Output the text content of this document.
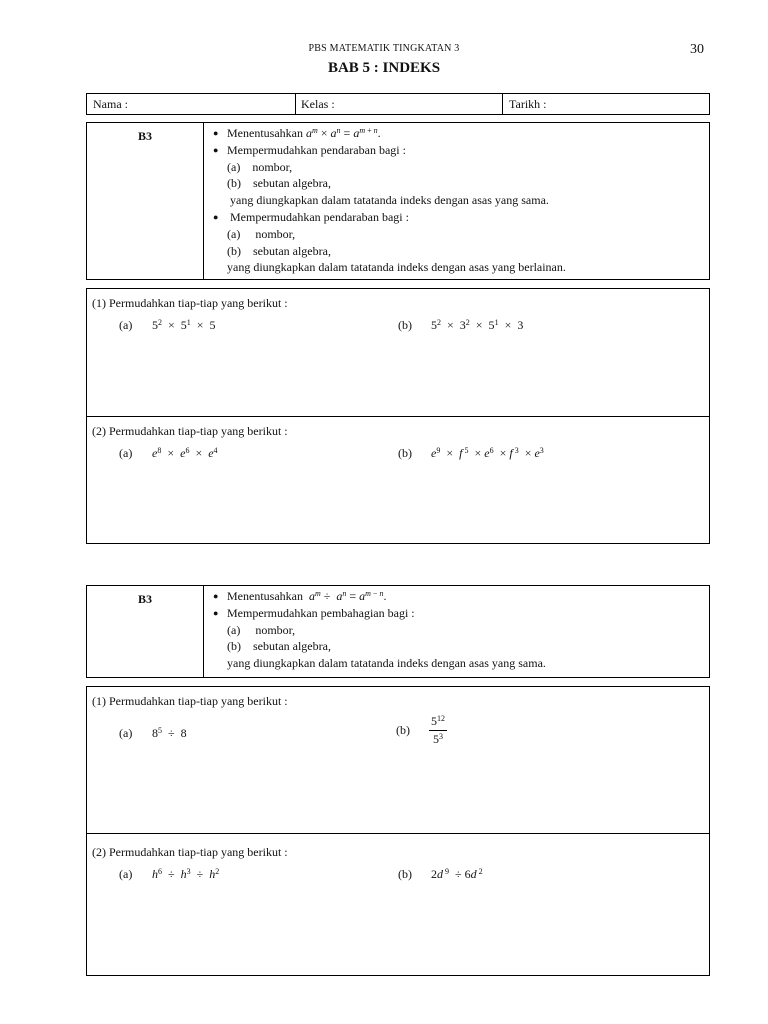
PBS MATEMATIK TINGKATAN 3	30
BAB 5 : INDEKS
Nama :	Kelas :	Tarikh :
B3	● Menentusahkan $a^m \times a^n = a^{m + n}$.
● Mempermudahkan pendaraban bagi :
(a)    nombor,
(b)    sebutan algebra,
yang diungkapkan dalam tatatanda indeks dengan asas yang sama.
● Mempermudahkan pendaraban bagi :
(a)     nombor,
(b)    sebutan algebra,
yang diungkapkan dalam tatatanda indeks dengan asas yang berlainan.
(1) Permudahkan tiap-tiap yang berikut :
(a) $5^2 \times 5^1 \times 5$	(b) $5^2 \times 3^2 \times 5^1 \times 3$
(2) Permudahkan tiap-tiap yang berikut :
(a) $e^8 \times e^6 \times e^4$	(b) $e^9 \times f$ $^5 \times e^6 \times f$ $^3 \times e^3$
B3	● Menentusahkan  $a^m \div a^n = a^{m - n}$.
● Mempermudahkan pembahagian bagi :
(a)     nombor,
(b)    sebutan algebra,
yang diungkapkan dalam tatatanda indeks dengan asas yang sama.
(1) Permudahkan tiap-tiap yang berikut :
(a) $8^5 \div 8$	$(b) \frac{5^{12}}{5^3}$
(2) Permudahkan tiap-tiap yang berikut :
(a) $h^6 \div h^3 \div h^2$	(b) 2d $^9$  ÷ 6d $^2$
